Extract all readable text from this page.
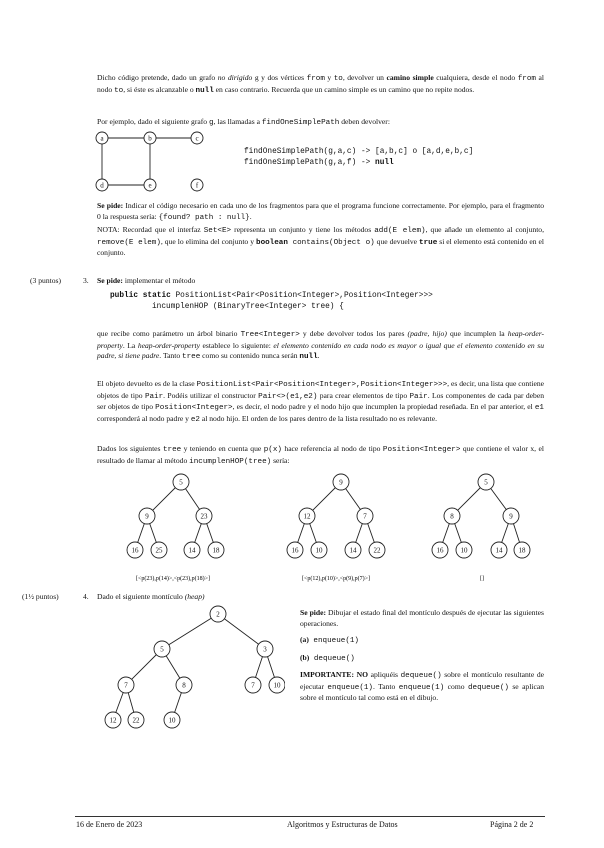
Dicho código pretende, dado un grafo no dirigido g y dos vértices from y to, devolver un camino simple cualquiera, desde el nodo from al nodo to, si éste es alcanzable o null en caso contrario. Recuerda que un camino simple es un camino que no repite nodos.
Por ejemplo, dado el siguiente grafo g, las llamadas a findOneSimplePath deben devolver:
a	b	c
d	e	f
findOneSimplePath(g,a,c) -> [a,b,c] o [a,d,e,b,c]
findOneSimplePath(g,a,f) -> null
Se pide: Indicar el código necesario en cada uno de los fragmentos para que el programa funcione correctamente. Por ejemplo, para el fragmento 0 la respuesta sería: {found? path : null}.
NOTA: Recordad que el interfaz Set<E> representa un conjunto y tiene los métodos add(E elem), que añade un elemento al conjunto, remove(E elem), que lo elimina del conjunto y boolean contains(Object o) que devuelve true si el elemento está contenido en el conjunto.
(3 puntos)	3. Se pide: implementar el método
public static PositionList<Pair<Position<Integer>,Position<Integer>>>
incumplenHOP (BinaryTree<Integer> tree) {
que recibe como parámetro un árbol binario Tree<Integer> y debe devolver todos los pares (padre, hijo) que incumplen la heap-order-property. La heap-order-property establece lo siguiente: el elemento contenido en cada nodo es mayor o igual que el elemento contenido en su padre, si tiene padre. Tanto tree como su contenido nunca serán null.
El objeto devuelto es de la clase PositionList<Pair<Position<Integer>,Position<Integer>>>, es decir, una lista que contiene objetos de tipo Pair. Podéis utilizar el constructor Pair<>(e1,e2) para crear elementos de tipo Pair. Los componentes de cada par deben ser objetos de tipo Position<Integer>, es decir, el nodo padre y el nodo hijo que incumplen la propiedad reseñada. En el par anterior, el e1 corresponderá al nodo padre y e2 al nodo hijo. El orden de los pares dentro de la lista resultado no es relevante.
Dados los siguientes tree y teniendo en cuenta que p(x) hace referencia al nodo de tipo Position<Integer> que contiene el valor x, el resultado de llamar al método incumplenHOP(tree) sería:
5
9	23
16 25	14 18
[<p(23),p(14)>,<p(23),p(18)>]
9
12	7
16 10	14 22
[<p(12),p(10)>,<p(9),p(7)>]
5
8	9
16 10	14 18
[]
(1½ puntos)	4. Dado el siguiente montículo (heap)
2
5	3
7	8	7	10
12 22	10

Se pide: Dibujar el estado final del montículo después de ejecutar las siguientes operaciones.

(a) enqueue(1)

(b) dequeue()

IMPORTANTE: NO apliquéis dequeue() sobre el montículo resultante de ejecutar enqueue(1). Tanto enqueue(1) como dequeue() se aplican sobre el montículo tal como está en el dibujo.

16 de Enero de 2023	Algoritmos y Estructuras de Datos	Página 2 de 2
